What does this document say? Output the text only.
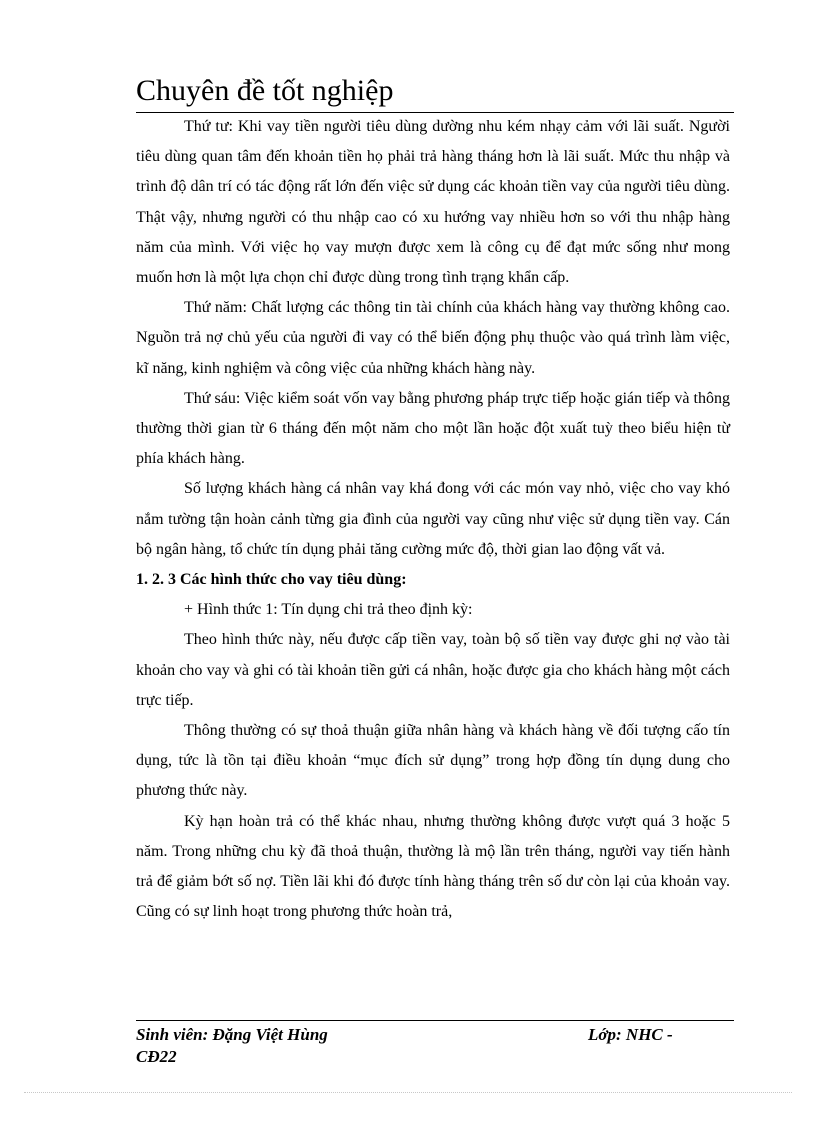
Chuyên đề tốt nghiệp

Thứ tư: Khi vay tiền người tiêu dùng dường nhu kém nhạy cảm với lãi suất. Người tiêu dùng quan tâm đến khoản tiền họ phải trả hàng tháng hơn là lãi suất. Mức thu nhập và trình độ dân trí có tác động rất lớn đến việc sử dụng các khoản tiền vay của người tiêu dùng. Thật vậy, nhưng người có thu nhập cao có xu hướng vay nhiều hơn so với thu nhập hàng năm của mình. Với việc họ vay mượn được xem là công cụ để đạt mức sống như mong muốn hơn là một lựa chọn chỉ được dùng trong tình trạng khẩn cấp.

Thứ năm: Chất lượng các thông tin tài chính của khách hàng vay thường không cao. Nguồn trả nợ chủ yếu của người đi vay có thể biến động phụ thuộc vào quá trình làm việc, kĩ năng, kinh nghiệm và công việc của những khách hàng này.

Thứ sáu: Việc kiểm soát vốn vay bằng phương pháp trực tiếp hoặc gián tiếp và thông thường thời gian từ 6 tháng đến một năm cho một lần hoặc đột xuất tuỳ theo biểu hiện từ phía khách hàng.

Số lượng khách hàng cá nhân vay khá đong với các món vay nhỏ, việc cho vay khó nắm tường tận hoàn cảnh từng gia đình của người vay cũng như việc sử dụng tiền vay. Cán bộ ngân hàng, tổ chức tín dụng phải tăng cường mức độ, thời gian lao động vất vả.

1. 2. 3 Các hình thức cho vay tiêu dùng:

+ Hình thức 1: Tín dụng chi trả theo định kỳ:

Theo hình thức này, nếu được cấp tiền vay, toàn bộ số tiền vay được ghi nợ vào tài khoản cho vay và ghi có tài khoản tiền gửi cá nhân, hoặc được gia cho khách hàng một cách trực tiếp.

Thông thường có sự thoả thuận giữa nhân hàng và khách hàng về đối tượng cấo tín dụng, tức là tồn tại điều khoản “mục đích sử dụng” trong hợp đồng tín dụng dung cho phương thức này.

Kỳ hạn hoàn trả có thể khác nhau, nhưng thường không được vượt quá 3 hoặc 5 năm. Trong những chu kỳ đã thoả thuận, thường là mộ lần trên tháng, người vay tiến hành trả để giảm bớt số nợ. Tiền lãi khi đó được tính hàng tháng trên số dư còn lại của khoản vay. Cũng có sự linh hoạt trong phương thức hoàn trả,

Sinh viên: Đặng Việt Hùng	Lớp: NHC -
CĐ22
